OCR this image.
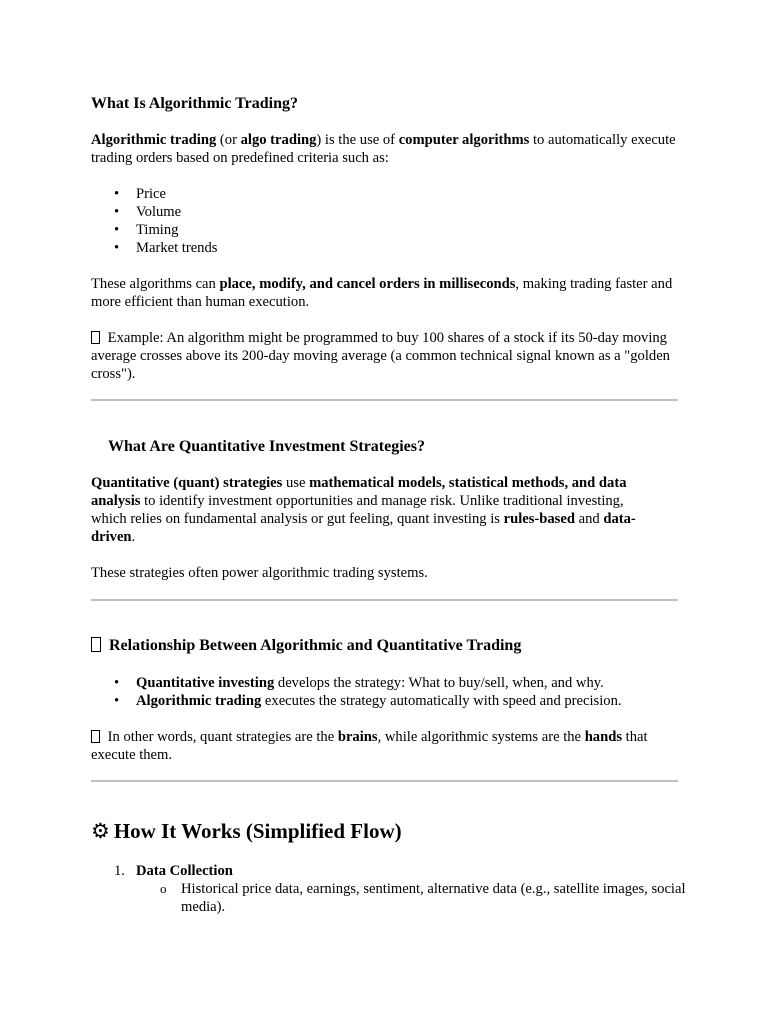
What Is Algorithmic Trading?

Algorithmic trading (or algo trading) is the use of computer algorithms to automatically execute trading orders based on predefined criteria such as:

• Price
• Volume
• Timing
• Market trends

These algorithms can place, modify, and cancel orders in milliseconds, making trading faster and more efficient than human execution.

Example: An algorithm might be programmed to buy 100 shares of a stock if its 50-day moving average crosses above its 200-day moving average (a common technical signal known as a "golden cross").

What Are Quantitative Investment Strategies?

Quantitative (quant) strategies use mathematical models, statistical methods, and data analysis to identify investment opportunities and manage risk. Unlike traditional investing, which relies on fundamental analysis or gut feeling, quant investing is rules-based and data-driven.

These strategies often power algorithmic trading systems.

Relationship Between Algorithmic and Quantitative Trading
• Quantitative investing develops the strategy: What to buy/sell, when, and why.
• Algorithmic trading executes the strategy automatically with speed and precision.

In other words, quant strategies are the brains, while algorithmic systems are the hands that execute them.

⚙ How It Works (Simplified Flow)
1. Data Collection
o Historical price data, earnings, sentiment, alternative data (e.g., satellite images, social media).
